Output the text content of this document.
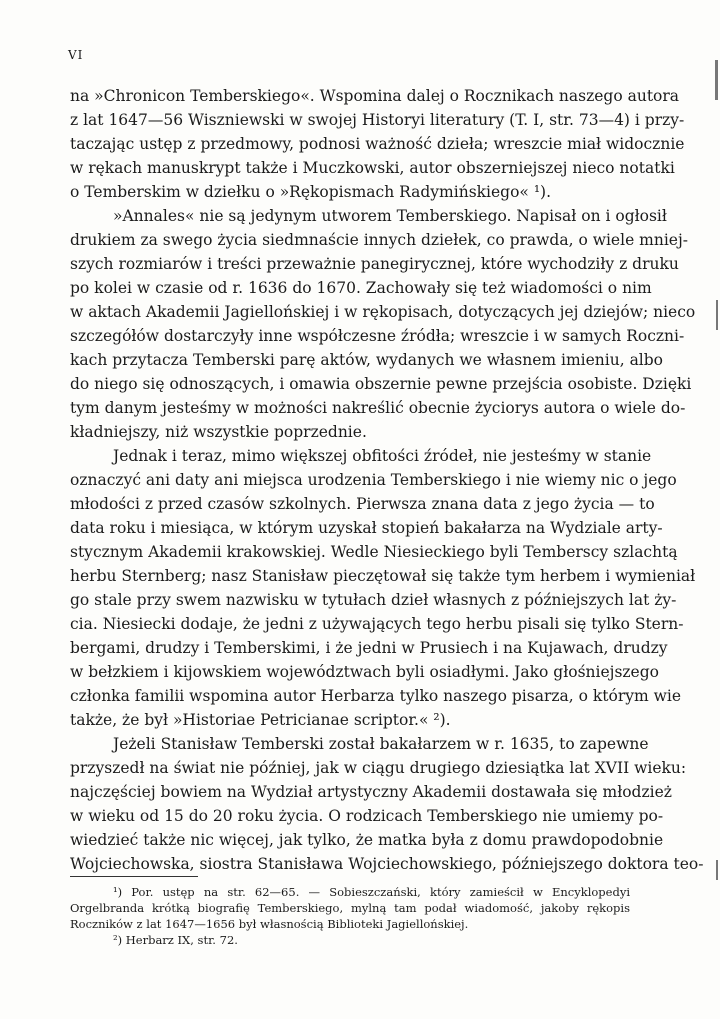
VI
na »Chronicon Temberskiego«. Wspomina dalej o Rocznikach naszego autora
z lat 1647—56 Wiszniewski w swojej Historyi literatury (T. I, str. 73—4) i przy-
taczając ustęp z przedmowy, podnosi ważność dzieła; wreszcie miał widocznie
w rękach manuskrypt także i Muczkowski, autor obszerniejszej nieco notatki
o Temberskim w dziełku o »Rękopismach Radymińskiego« ¹).
»Annales« nie są jedynym utworem Temberskiego. Napisał on i ogłosił
drukiem za swego życia siedmnaście innych dziełek, co prawda, o wiele mniej-
szych rozmiarów i treści przeważnie panegirycznej, które wychodziły z druku
po kolei w czasie od r. 1636 do 1670. Zachowały się też wiadomości o nim
w aktach Akademii Jagiellońskiej i w rękopisach, dotyczących jej dziejów; nieco
szczegółów dostarczyły inne współczesne źródła; wreszcie i w samych Roczni-
kach przytacza Temberski parę aktów, wydanych we własnem imieniu, albo
do niego się odnoszących, i omawia obszernie pewne przejścia osobiste. Dzięki
tym danym jesteśmy w możności nakreślić obecnie życiorys autora o wiele do-
kładniejszy, niż wszystkie poprzednie.
Jednak i teraz, mimo większej obfitości źródeł, nie jesteśmy w stanie
oznaczyć ani daty ani miejsca urodzenia Temberskiego i nie wiemy nic o jego
młodości z przed czasów szkolnych. Pierwsza znana data z jego życia — to
data roku i miesiąca, w którym uzyskał stopień bakałarza na Wydziale arty-
stycznym Akademii krakowskiej. Wedle Niesieckiego byli Temberscy szlachtą
herbu Sternberg; nasz Stanisław pieczętował się także tym herbem i wymieniał
go stale przy swem nazwisku w tytułach dzieł własnych z późniejszych lat ży-
cia. Niesiecki dodaje, że jedni z używających tego herbu pisali się tylko Stern-
bergami, drudzy i Temberskimi, i że jedni w Prusiech i na Kujawach, drudzy
w bełzkiem i kijowskiem województwach byli osiadłymi. Jako głośniejszego
członka familii wspomina autor Herbarza tylko naszego pisarza, o którym wie
także, że był »Historiae Petricianae scriptor.« ²).
Jeżeli Stanisław Temberski został bakałarzem w r. 1635, to zapewne
przyszedł na świat nie później, jak w ciągu drugiego dziesiątka lat XVII wieku:
najczęściej bowiem na Wydział artystyczny Akademii dostawała się młodzież
w wieku od 15 do 20 roku życia. O rodzicach Temberskiego nie umiemy po-
wiedzieć także nic więcej, jak tylko, że matka była z domu prawdopodobnie
Wojciechowska, siostra Stanisława Wojciechowskiego, późniejszego doktora teo-
¹) Por. ustęp na str. 62—65. — Sobieszczański, który zamieścił w Encyklopedyi
Orgelbranda krótką biografię Temberskiego, mylną tam podał wiadomość, jakoby rękopis
Roczników z lat 1647—1656 był własnością Biblioteki Jagiellońskiej.
²) Herbarz IX, str. 72.
